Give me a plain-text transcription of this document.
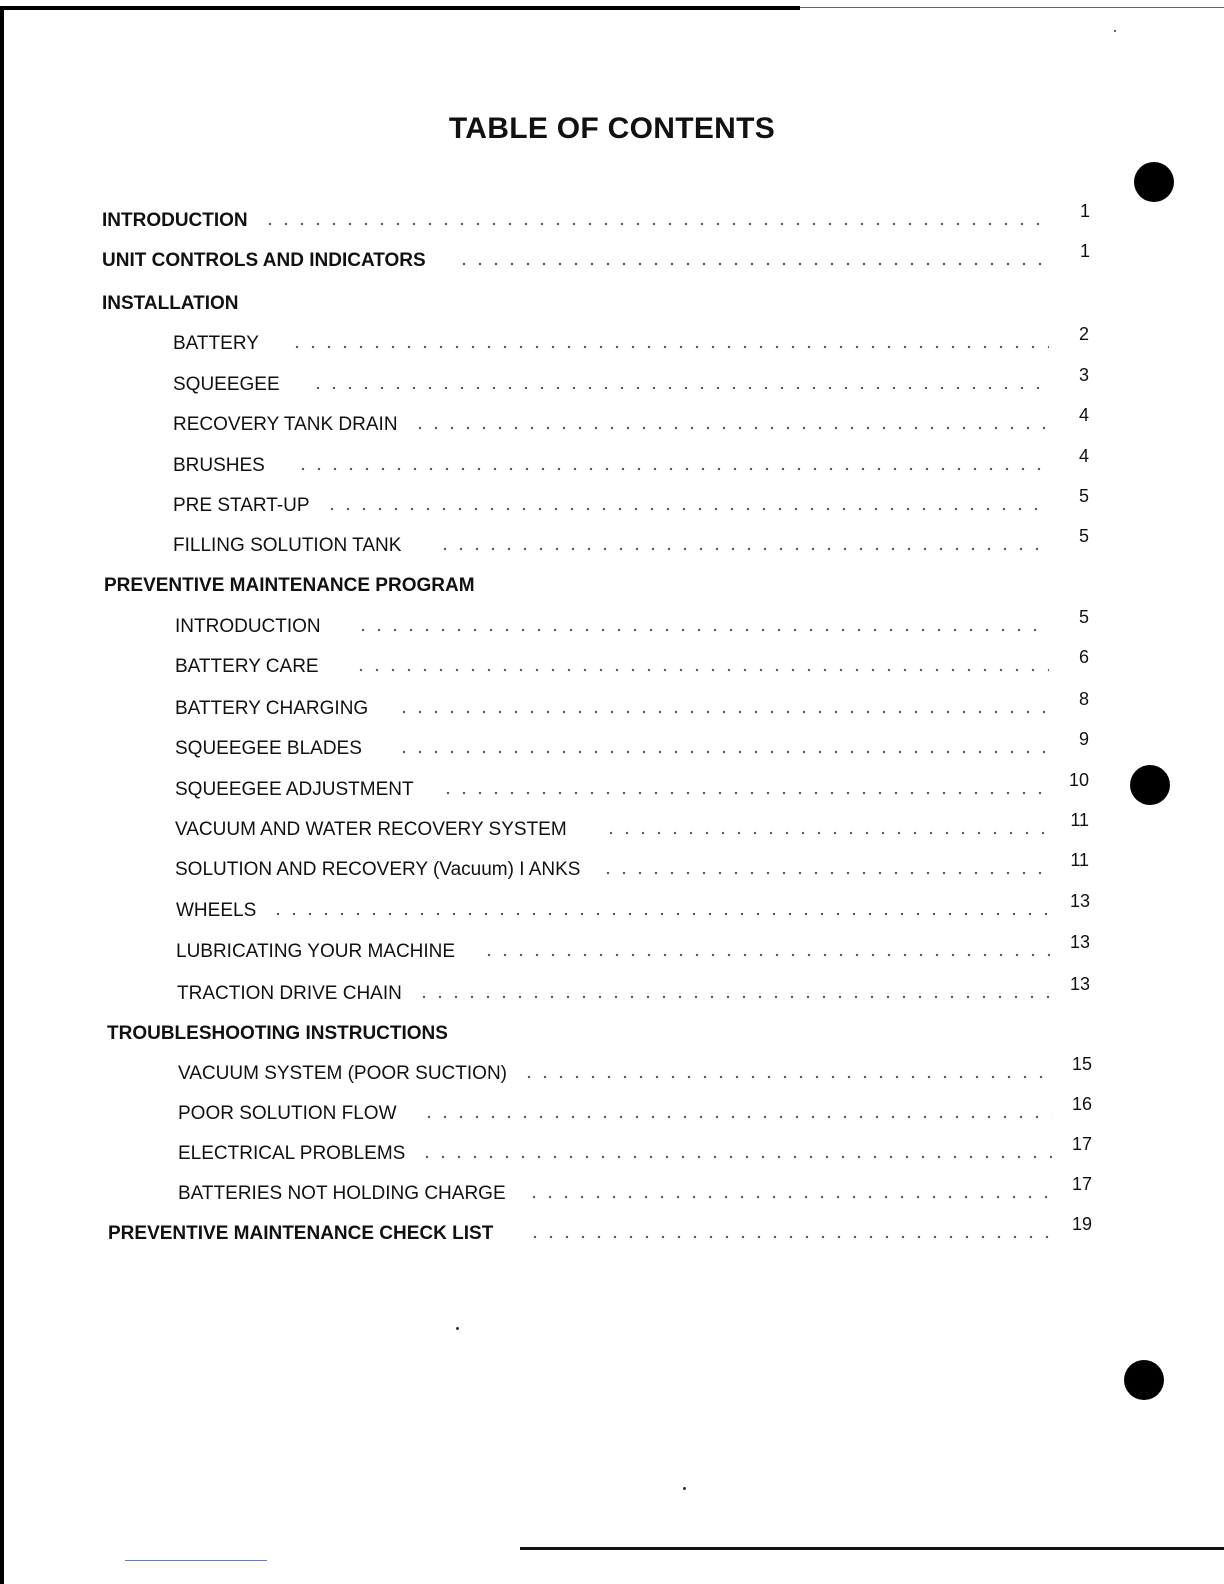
TABLE OF CONTENTS
INTRODUCTION	1
UNIT CONTROLS AND INDICATORS	1
INSTALLATION
BATTERY	2
SQUEEGEE	3
RECOVERY TANK DRAIN	4
BRUSHES	4
PRE START-UP	5
FILLING SOLUTION TANK	5
PREVENTIVE MAINTENANCE PROGRAM
INTRODUCTION	5
BATTERY CARE	6
BATTERY CHARGING	8
SQUEEGEE BLADES	9
SQUEEGEE ADJUSTMENT	10
VACUUM AND WATER RECOVERY SYSTEM	11
SOLUTION AND RECOVERY (Vacuum) I ANKS	11
WHEELS	13
LUBRICATING YOUR MACHINE	13
TRACTION DRIVE CHAIN	13
TROUBLESHOOTING INSTRUCTIONS
VACUUM SYSTEM (POOR SUCTION)	15
POOR SOLUTION FLOW	16
ELECTRICAL PROBLEMS	17
BATTERIES NOT HOLDING CHARGE	17
PREVENTIVE MAINTENANCE CHECK LIST	19
